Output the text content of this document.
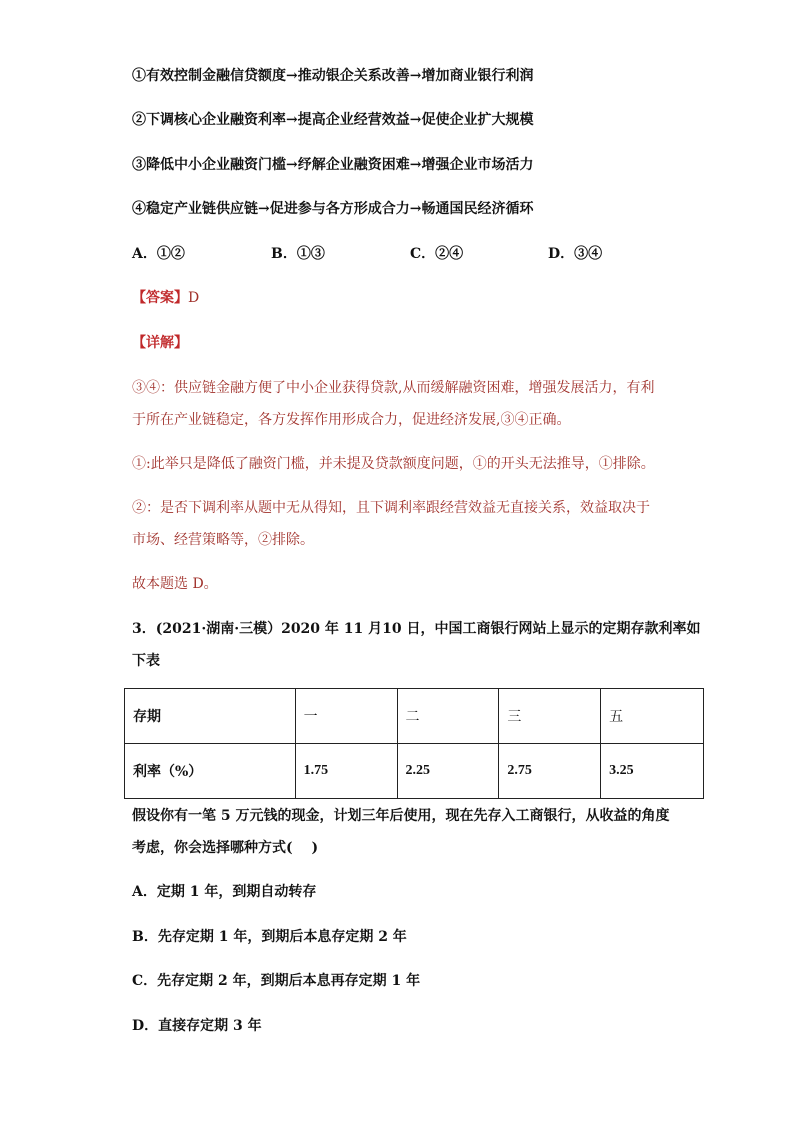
①有效控制金融信贷额度→推动银企关系改善→增加商业银行利润
②下调核心企业融资利率→提高企业经营效益→促使企业扩大规模
③降低中小企业融资门槛→纾解企业融资困难→增强企业市场活力
④稳定产业链供应链→促进参与各方形成合力→畅通国民经济循环
A．①②	B．①③	C．②④	D．③④
【答案】D
【详解】
③④：供应链金融方便了中小企业获得贷款,从而缓解融资困难，增强发展活力，有利
于所在产业链稳定，各方发挥作用形成合力，促进经济发展,③④正确。
①:此举只是降低了融资门槛，并未提及贷款额度问题，①的开头无法推导，①排除。
②：是否下调利率从题中无从得知，且下调利率跟经营效益无直接关系，效益取决于
市场、经营策略等，②排除。
故本题选 D。
3．(2021·湖南·三模）2020 年 11 月10 日，中国工商银行网站上显示的定期存款利率如
下表
存期	一	二	三	五
利率（%）	1.75	2.25	2.75	3.25
假设你有一笔 5 万元钱的现金，计划三年后使用，现在先存入工商银行，从收益的角度
考虑，你会选择哪种方式(　 )
A．定期 1 年，到期自动转存
B．先存定期 1 年，到期后本息存定期 2 年
C．先存定期 2 年，到期后本息再存定期 1 年
D．直接存定期 3 年
